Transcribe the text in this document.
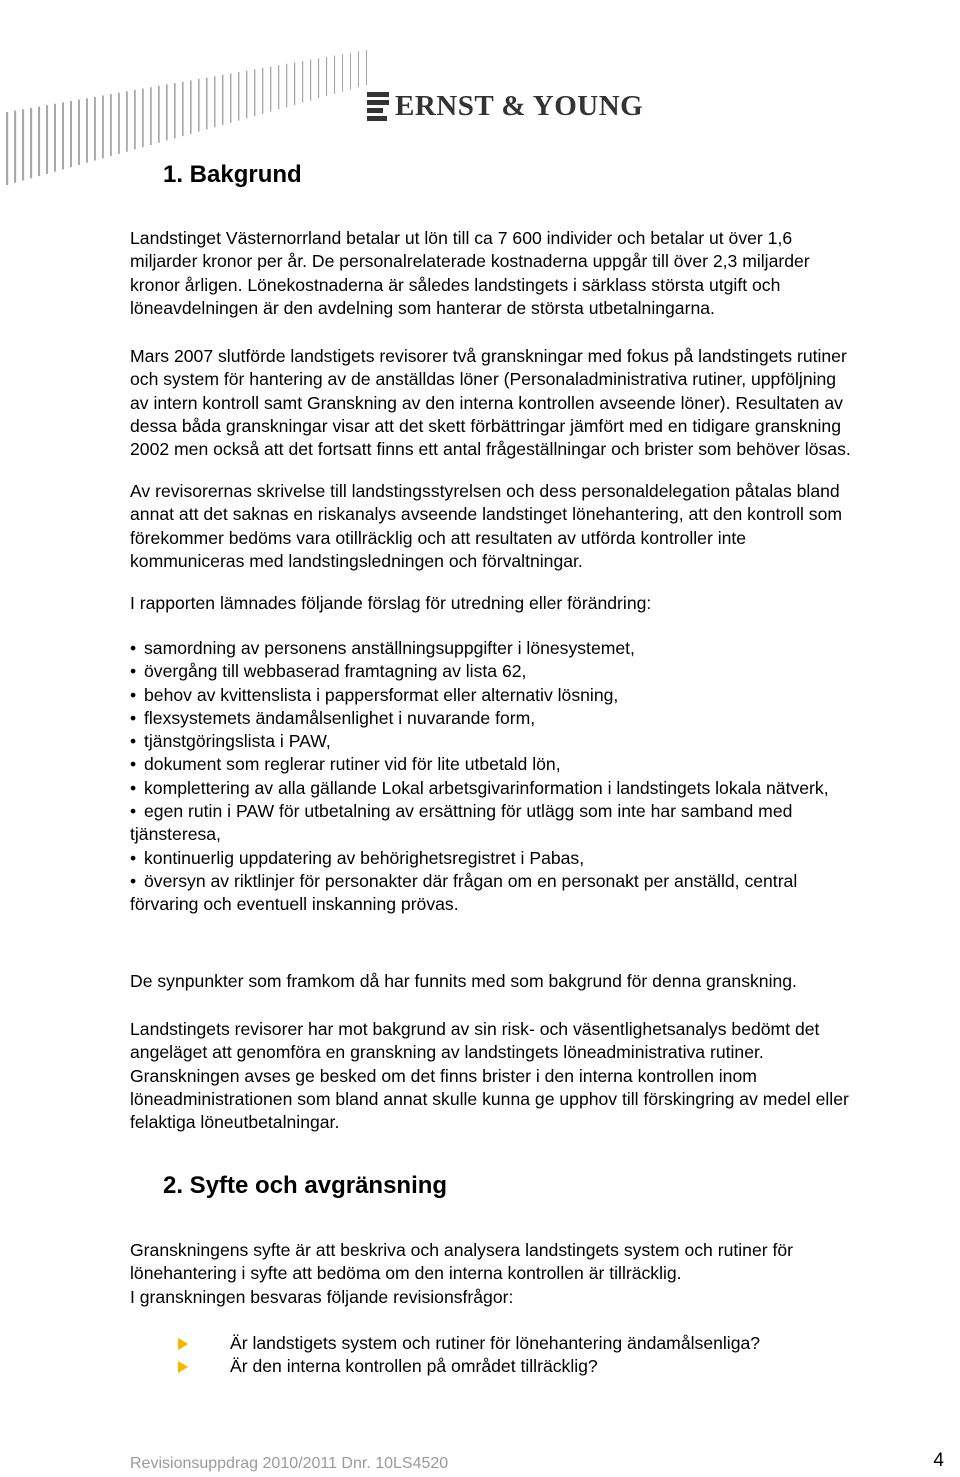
ERNST & YOUNG
1. Bakgrund
Landstinget Västernorrland betalar ut lön till ca 7 600 individer och betalar ut över 1,6
miljarder kronor per år. De personalrelaterade kostnaderna uppgår till över 2,3 miljarder
kronor årligen. Lönekostnaderna är således landstingets i särklass största utgift och
löneavdelningen är den avdelning som hanterar de största utbetalningarna.
Mars 2007 slutförde landstigets revisorer två granskningar med fokus på landstingets rutiner
och system för hantering av de anställdas löner (Personaladministrativa rutiner, uppföljning
av intern kontroll samt Granskning av den interna kontrollen avseende löner). Resultaten av
dessa båda granskningar visar att det skett förbättringar jämfört med en tidigare granskning
2002 men också att det fortsatt finns ett antal frågeställningar och brister som behöver lösas.
Av revisorernas skrivelse till landstingsstyrelsen och dess personaldelegation påtalas bland
annat att det saknas en riskanalys avseende landstinget lönehantering, att den kontroll som
förekommer bedöms vara otillräcklig och att resultaten av utförda kontroller inte
kommuniceras med landstingsledningen och förvaltningar.
I rapporten lämnades följande förslag för utredning eller förändring:
• samordning av personens anställningsuppgifter i lönesystemet,
• övergång till webbaserad framtagning av lista 62,
• behov av kvittenslista i pappersformat eller alternativ lösning,
• flexsystemets ändamålsenlighet i nuvarande form,
• tjänstgöringslista i PAW,
• dokument som reglerar rutiner vid för lite utbetald lön,
• komplettering av alla gällande Lokal arbetsgivarinformation i landstingets lokala nätverk,
• egen rutin i PAW för utbetalning av ersättning för utlägg som inte har samband med
tjänsteresa,
• kontinuerlig uppdatering av behörighetsregistret i Pabas,
• översyn av riktlinjer för personakter där frågan om en personakt per anställd, central
förvaring och eventuell inskanning prövas.
De synpunkter som framkom då har funnits med som bakgrund för denna granskning.
Landstingets revisorer har mot bakgrund av sin risk- och väsentlighetsanalys bedömt det
angeläget att genomföra en granskning av landstingets löneadministrativa rutiner.
Granskningen avses ge besked om det finns brister i den interna kontrollen inom
löneadministrationen som bland annat skulle kunna ge upphov till förskingring av medel eller
felaktiga löneutbetalningar.
2. Syfte och avgränsning
Granskningens syfte är att beskriva och analysera landstingets system och rutiner för
lönehantering i syfte att bedöma om den interna kontrollen är tillräcklig.
I granskningen besvaras följande revisionsfrågor:
Är landstigets system och rutiner för lönehantering ändamålsenliga?
Är den interna kontrollen på området tillräcklig?
Revisionsuppdrag 2010/2011 Dnr. 10LS4520	4
